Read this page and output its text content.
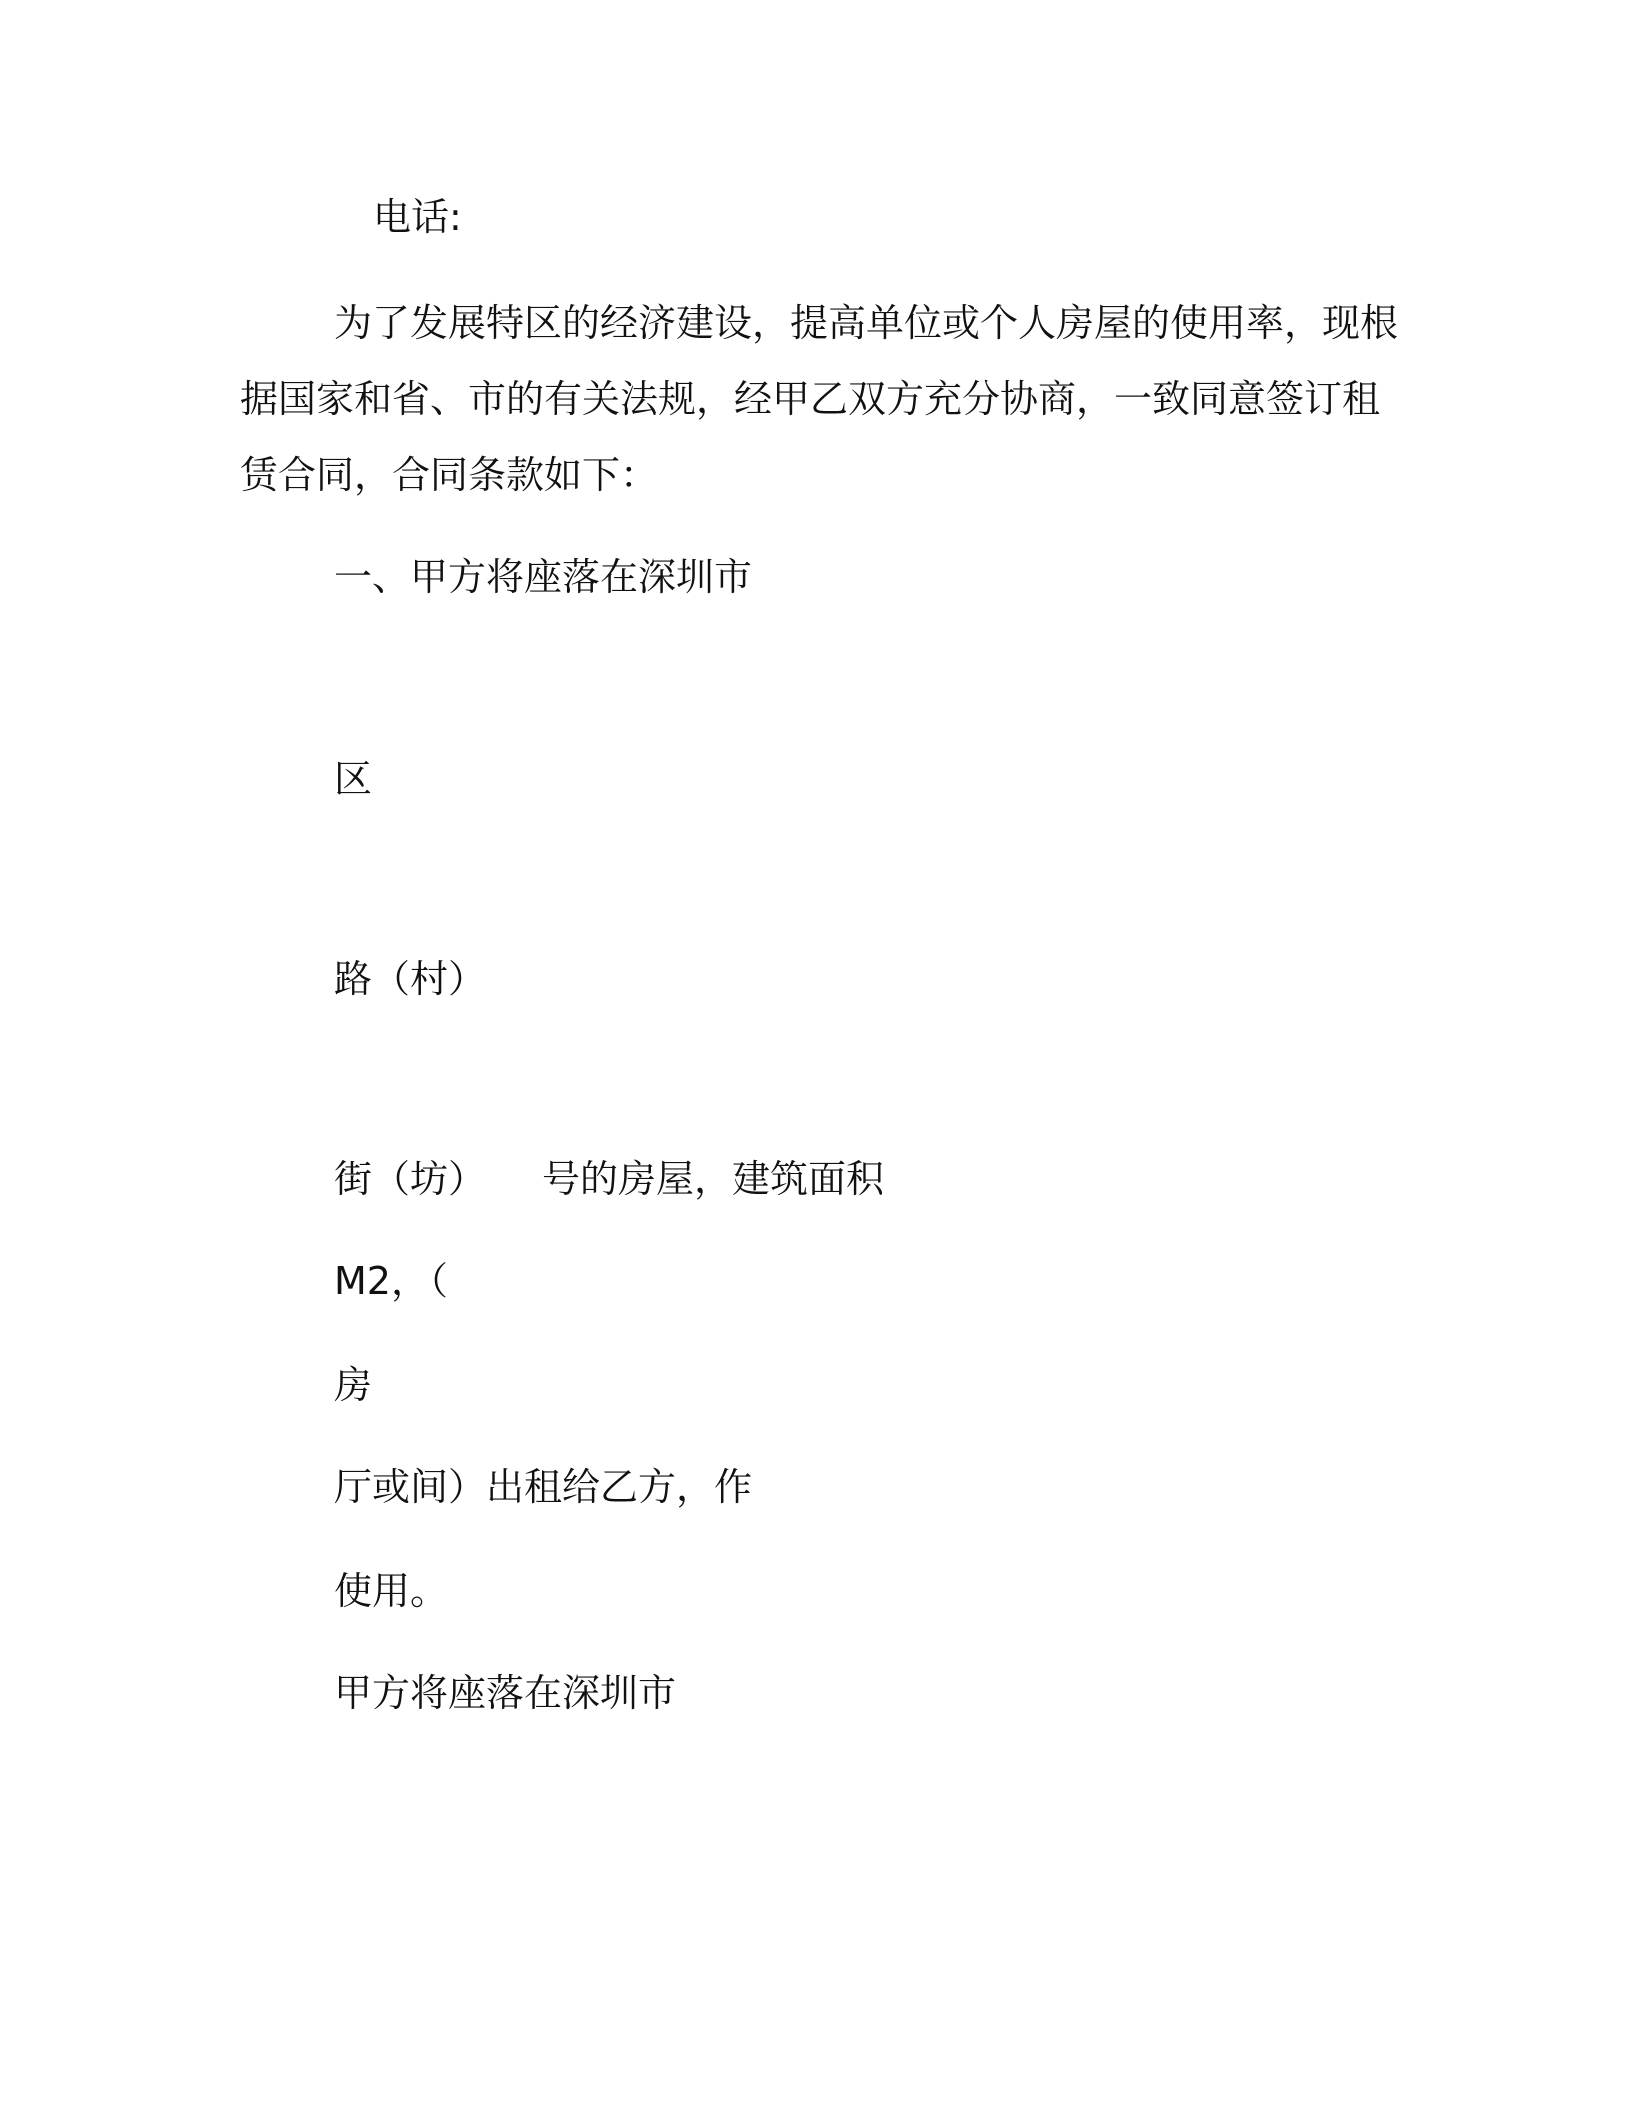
电话:
为了发展特区的经济建设，提高单位或个人房屋的使用率，现根
据国家和省、市的有关法规，经甲乙双方充分协商，一致同意签订租
赁合同，合同条款如下：
一、甲方将座落在深圳市
区
路（村）
街（坊） 号的房屋，建筑面积
M2，（
房
厅或间）出租给乙方，作
使用。
甲方将座落在深圳市
